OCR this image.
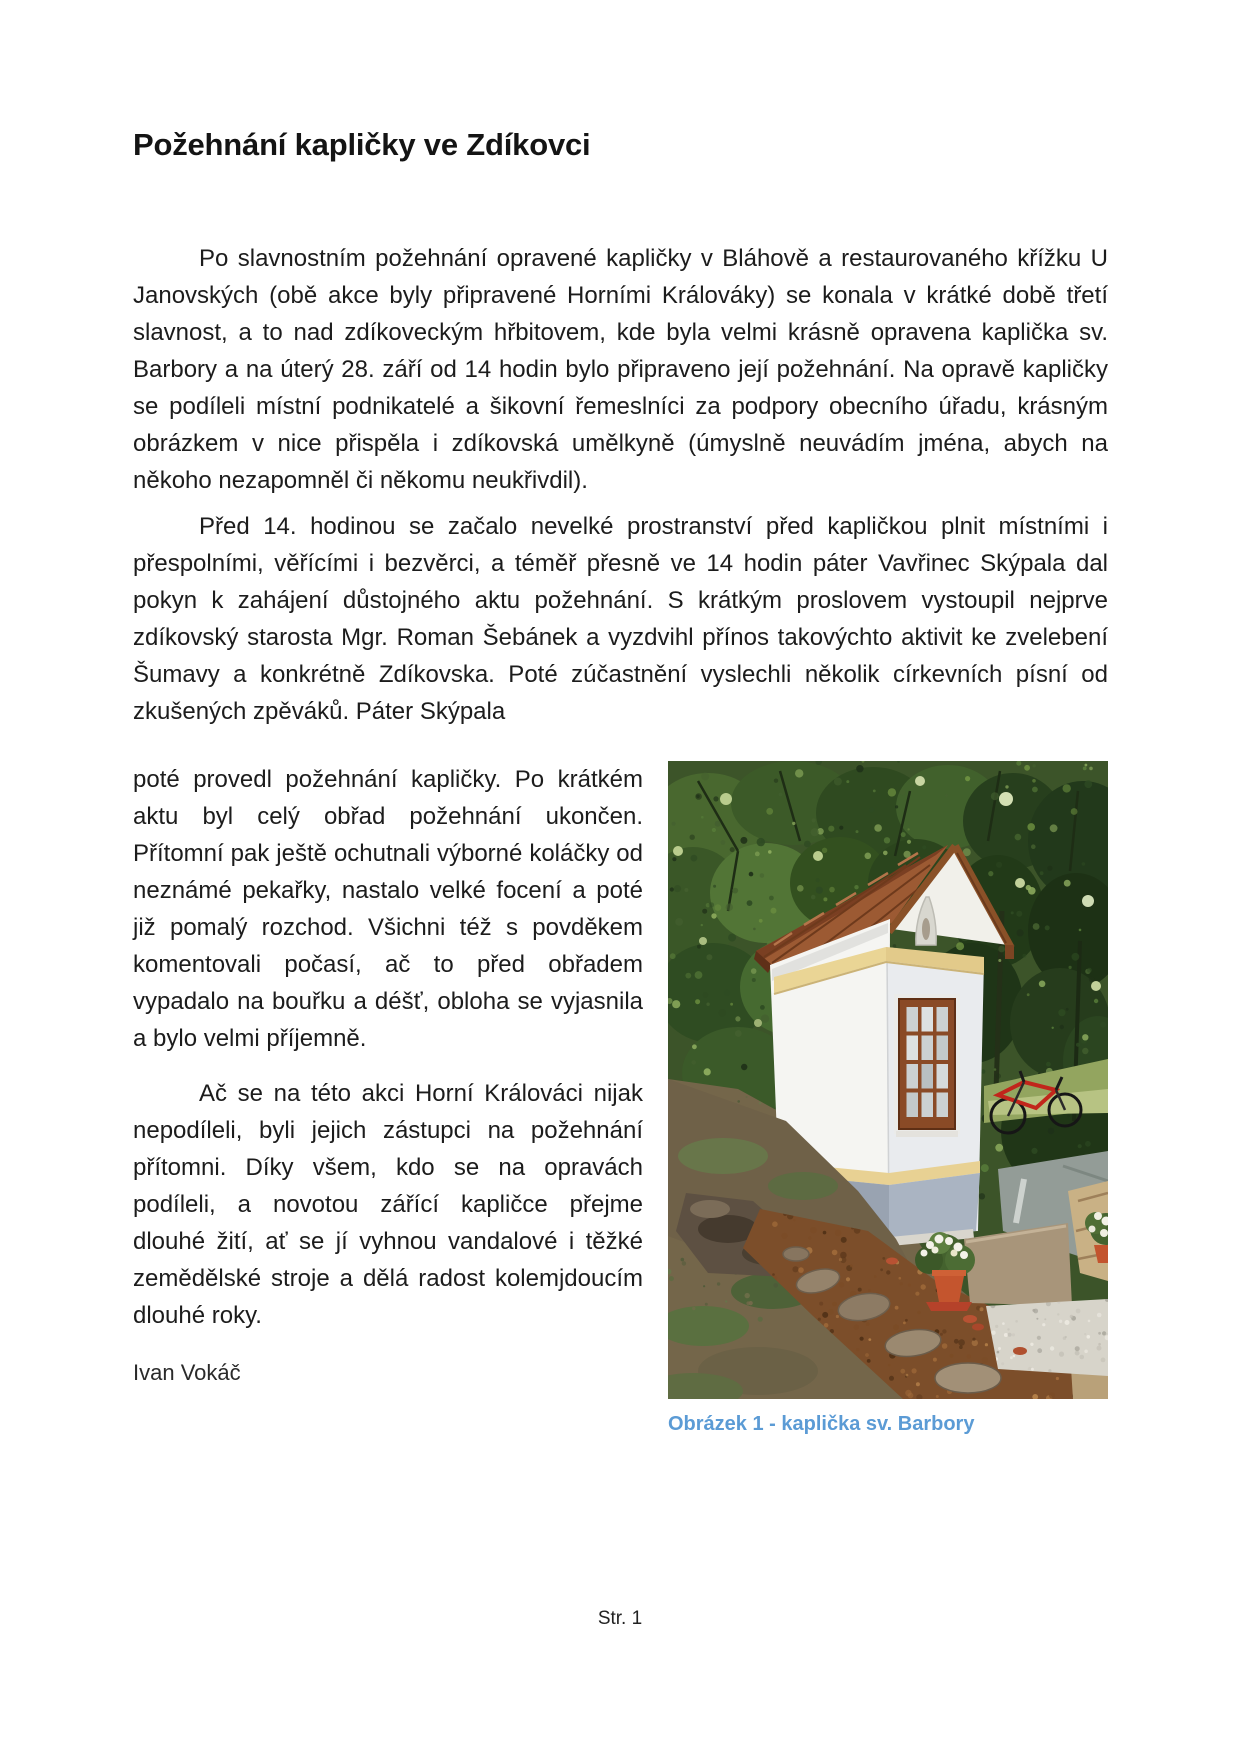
Požehnání kapličky ve Zdíkovci

Po slavnostním požehnání opravené kapličky v Bláhově a restaurovaného křížku U Janovských (obě akce byly připravené Horními Králováky) se konala v krátké době třetí slavnost, a to nad zdíkoveckým hřbitovem, kde byla velmi krásně opravena kaplička sv. Barbory a na úterý 28. září od 14 hodin bylo připraveno její požehnání. Na opravě kapličky se podíleli místní podnikatelé a šikovní řemeslníci za podpory obecního úřadu, krásným obrázkem v nice přispěla i zdíkovská umělkyně (úmyslně neuvádím jména, abych na někoho nezapomněl či někomu neukřivdil).

Před 14. hodinou se začalo nevelké prostranství před kapličkou plnit místními i přespolními, věřícími i bezvěrci, a téměř přesně ve 14 hodin páter Vavřinec Skýpala dal pokyn k zahájení důstojného aktu požehnání. S krátkým proslovem vystoupil nejprve zdíkovský starosta Mgr. Roman Šebánek a vyzdvihl přínos takovýchto aktivit ke zvelebení Šumavy a konkrétně Zdíkovska. Poté zúčastnění vyslechli několik církevních písní od zkušených zpěváků. Páter Skýpala

Obrázek 1 - kaplička sv. Barbory

poté provedl požehnání kapličky. Po krátkém aktu byl celý obřad požehnání ukončen. Přítomní pak ještě ochutnali výborné koláčky od neznámé pekařky, nastalo velké focení a poté již pomalý rozchod. Všichni též s povděkem komentovali počasí, ač to před obřadem vypadalo na bouřku a déšť, obloha se vyjasnila a bylo velmi příjemně.

Ač se na této akci Horní Králováci nijak nepodíleli, byli jejich zástupci na požehnání přítomni. Díky všem, kdo se na opravách podíleli, a novotou zářící kapličce přejme dlouhé žití, ať se jí vyhnou vandalové i těžké zemědělské stroje a dělá radost kolemjdoucím dlouhé roky.

Ivan Vokáč

Str. 1
